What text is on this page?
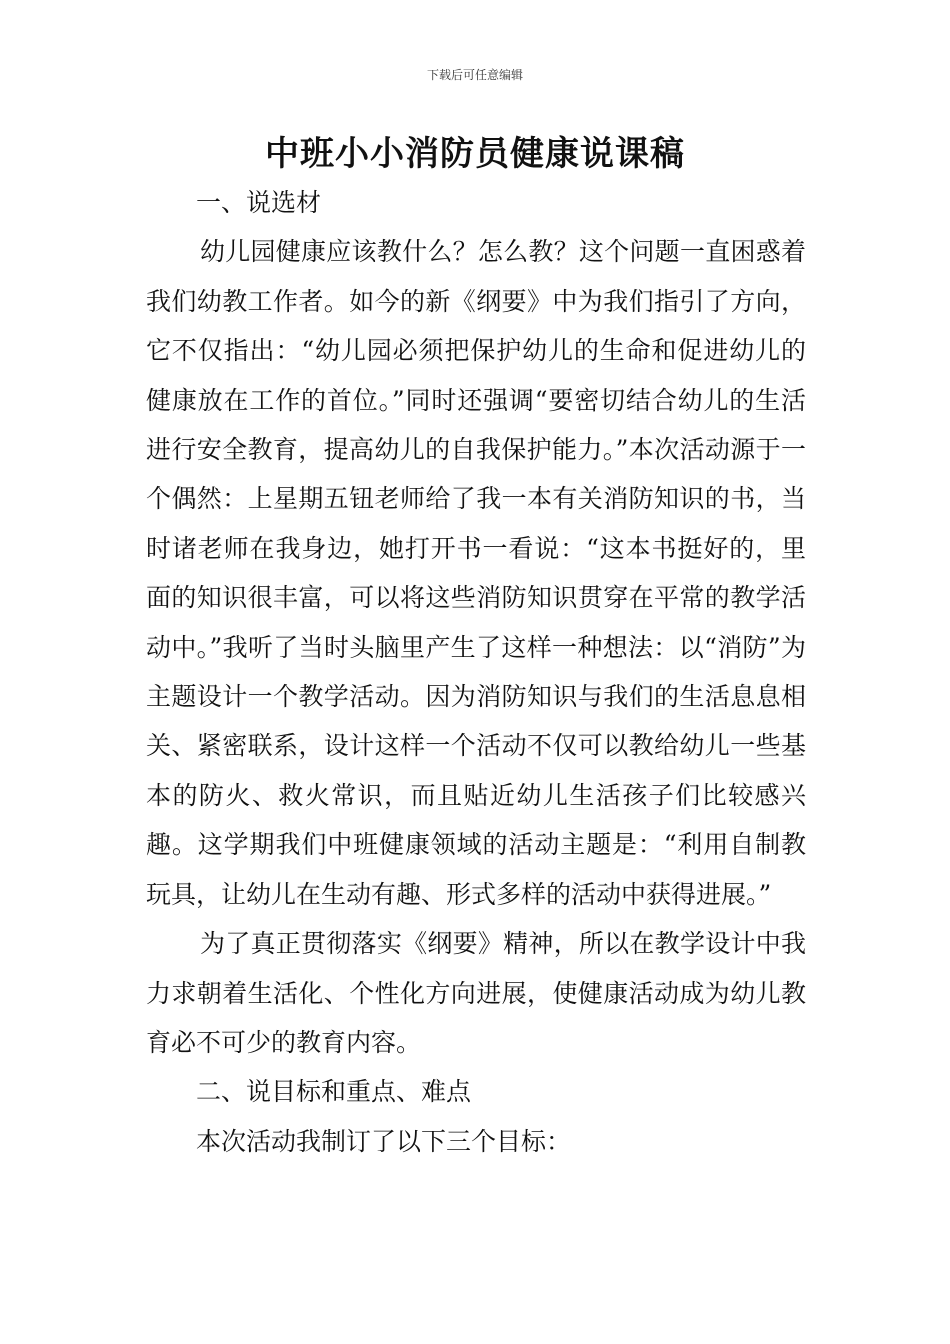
下载后可任意编辑
中班小小消防员健康说课稿

一、说选材

幼儿园健康应该教什么？怎么教？这个问题一直困惑着我们幼教工作者。如今的新《纲要》中为我们指引了方向，它不仅指出：“幼儿园必须把保护幼儿的生命和促进幼儿的健康放在工作的首位。”同时还强调“要密切结合幼儿的生活进行安全教育，提高幼儿的自我保护能力。”本次活动源于一个偶然：上星期五钮老师给了我一本有关消防知识的书，当时诸老师在我身边，她打开书一看说：“这本书挺好的，里面的知识很丰富，可以将这些消防知识贯穿在平常的教学活动中。”我听了当时头脑里产生了这样一种想法：以“消防”为主题设计一个教学活动。因为消防知识与我们的生活息息相关、紧密联系，设计这样一个活动不仅可以教给幼儿一些基本的防火、救火常识，而且贴近幼儿生活孩子们比较感兴趣。这学期我们中班健康领域的活动主题是：“利用自制教玩具，让幼儿在生动有趣、形式多样的活动中获得进展。”

为了真正贯彻落实《纲要》精神，所以在教学设计中我力求朝着生活化、个性化方向进展，使健康活动成为幼儿教育必不可少的教育内容。

二、说目标和重点、难点

本次活动我制订了以下三个目标：
